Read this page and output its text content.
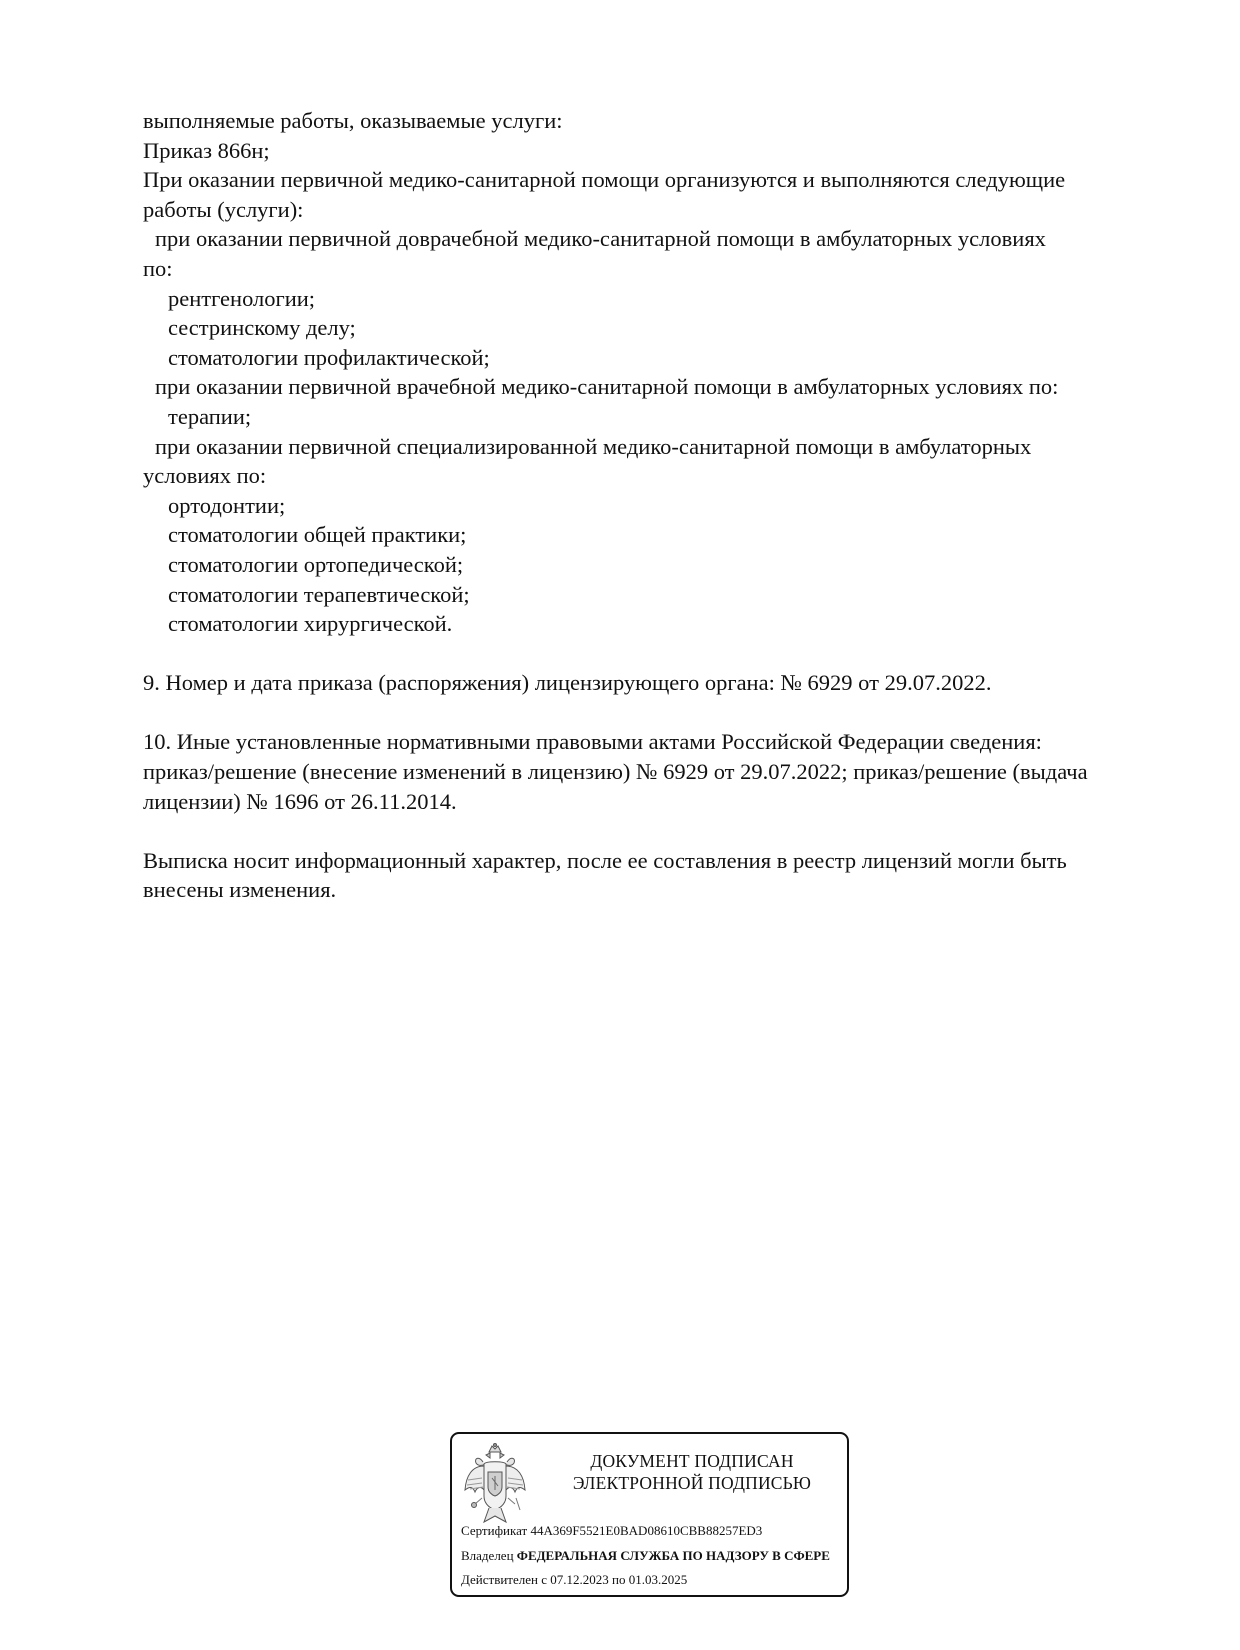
выполняемые работы, оказываемые услуги:
Приказ 866н;
При оказании первичной медико-санитарной помощи организуются и выполняются следующие
работы (услуги):
при оказании первичной доврачебной медико-санитарной помощи в амбулаторных условиях
по:
рентгенологии;
сестринскому делу;
стоматологии профилактической;
при оказании первичной врачебной медико-санитарной помощи в амбулаторных условиях по:
терапии;
при оказании первичной специализированной медико-санитарной помощи в амбулаторных
условиях по:
ортодонтии;
стоматологии общей практики;
стоматологии ортопедической;
стоматологии терапевтической;
стоматологии хирургической.
9. Номер и дата приказа (распоряжения) лицензирующего органа: № 6929 от 29.07.2022.
10. Иные установленные нормативными правовыми актами Российской Федерации сведения:
приказ/решение (внесение изменений в лицензию) № 6929 от 29.07.2022; приказ/решение (выдача
лицензии) № 1696 от 26.11.2014.
Выписка носит информационный характер, после ее составления в реестр лицензий могли быть
внесены изменения.
ДОКУМЕНТ ПОДПИСАН
ЭЛЕКТРОННОЙ ПОДПИСЬЮ
Сертификат 44A369F5521E0BAD08610CBB88257ED3
Владелец ФЕДЕРАЛЬНАЯ СЛУЖБА ПО НАДЗОРУ В СФЕРЕ
Действителен с 07.12.2023 по 01.03.2025
